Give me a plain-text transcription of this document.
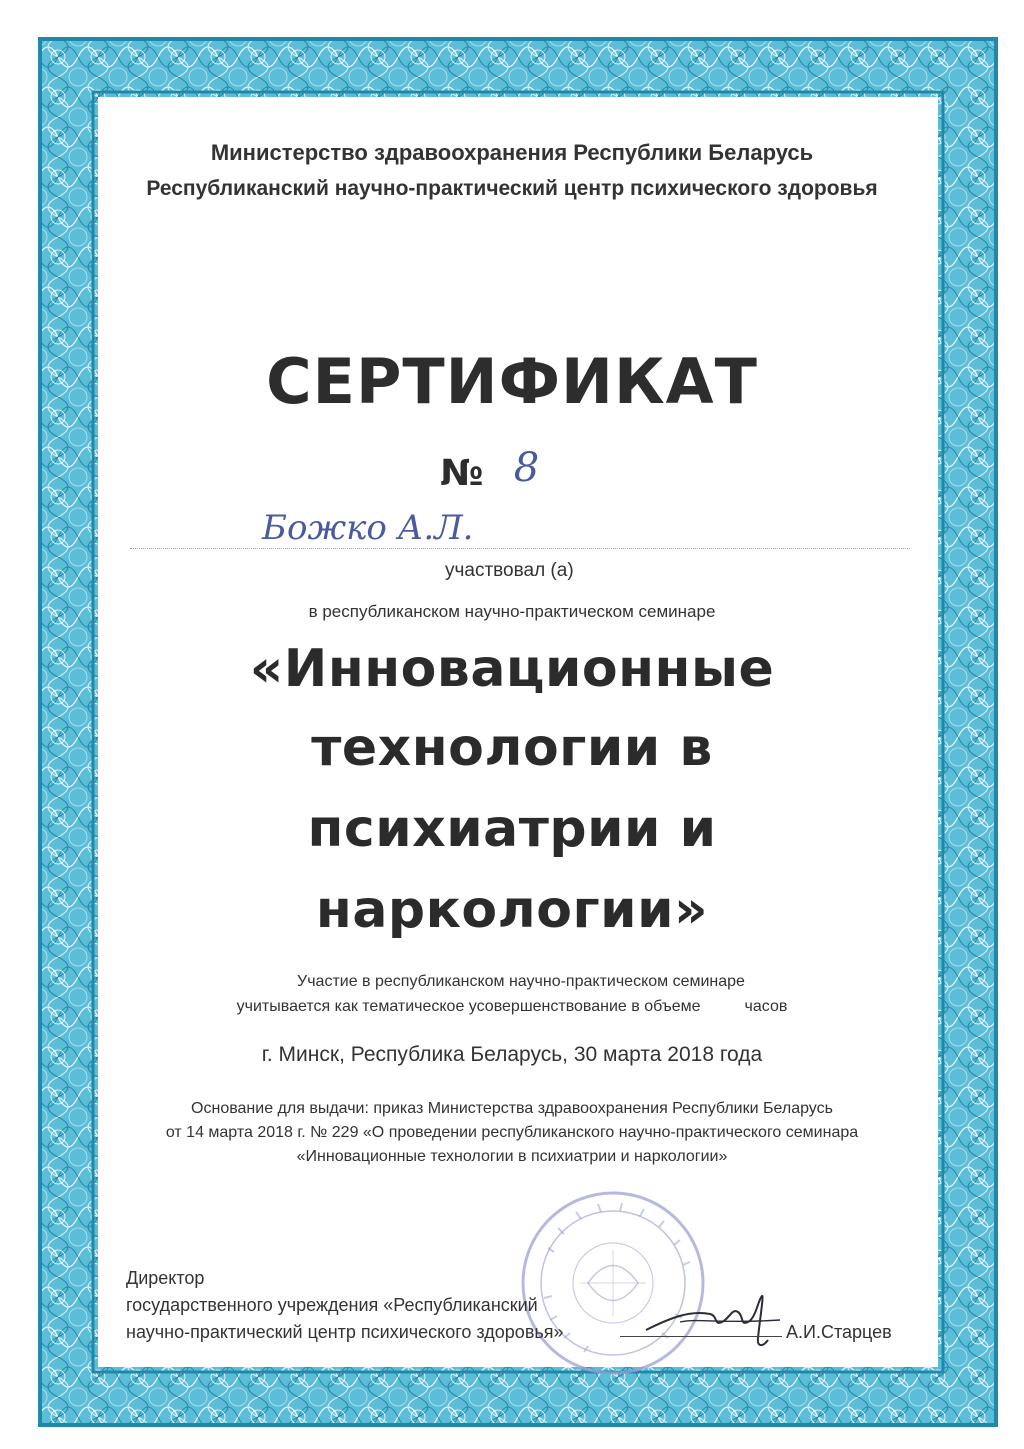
Министерство здравоохранения Республики Беларусь
Республиканский научно-практический центр психического здоровья
СЕРТИФИКАТ
№ 8
Божко А.Л.
участвовал (а)
в республиканском научно-практическом семинаре
«Инновационные
технологии в
психиатрии и
наркологии»
Участие в республиканском научно-практическом семинаре
учитывается как тематическое усовершенствование в объеме	часов
г. Минск, Республика Беларусь, 30 марта 2018 года
Основание для выдачи: приказ Министерства здравоохранения Республики Беларусь
от 14 марта 2018 г. № 229 «О проведении республиканского научно-практического семинара
«Инновационные технологии в психиатрии и наркологии»
Директор
государственного учреждения «Республиканский
научно-практический центр психического здоровья»	А.И.Старцев
